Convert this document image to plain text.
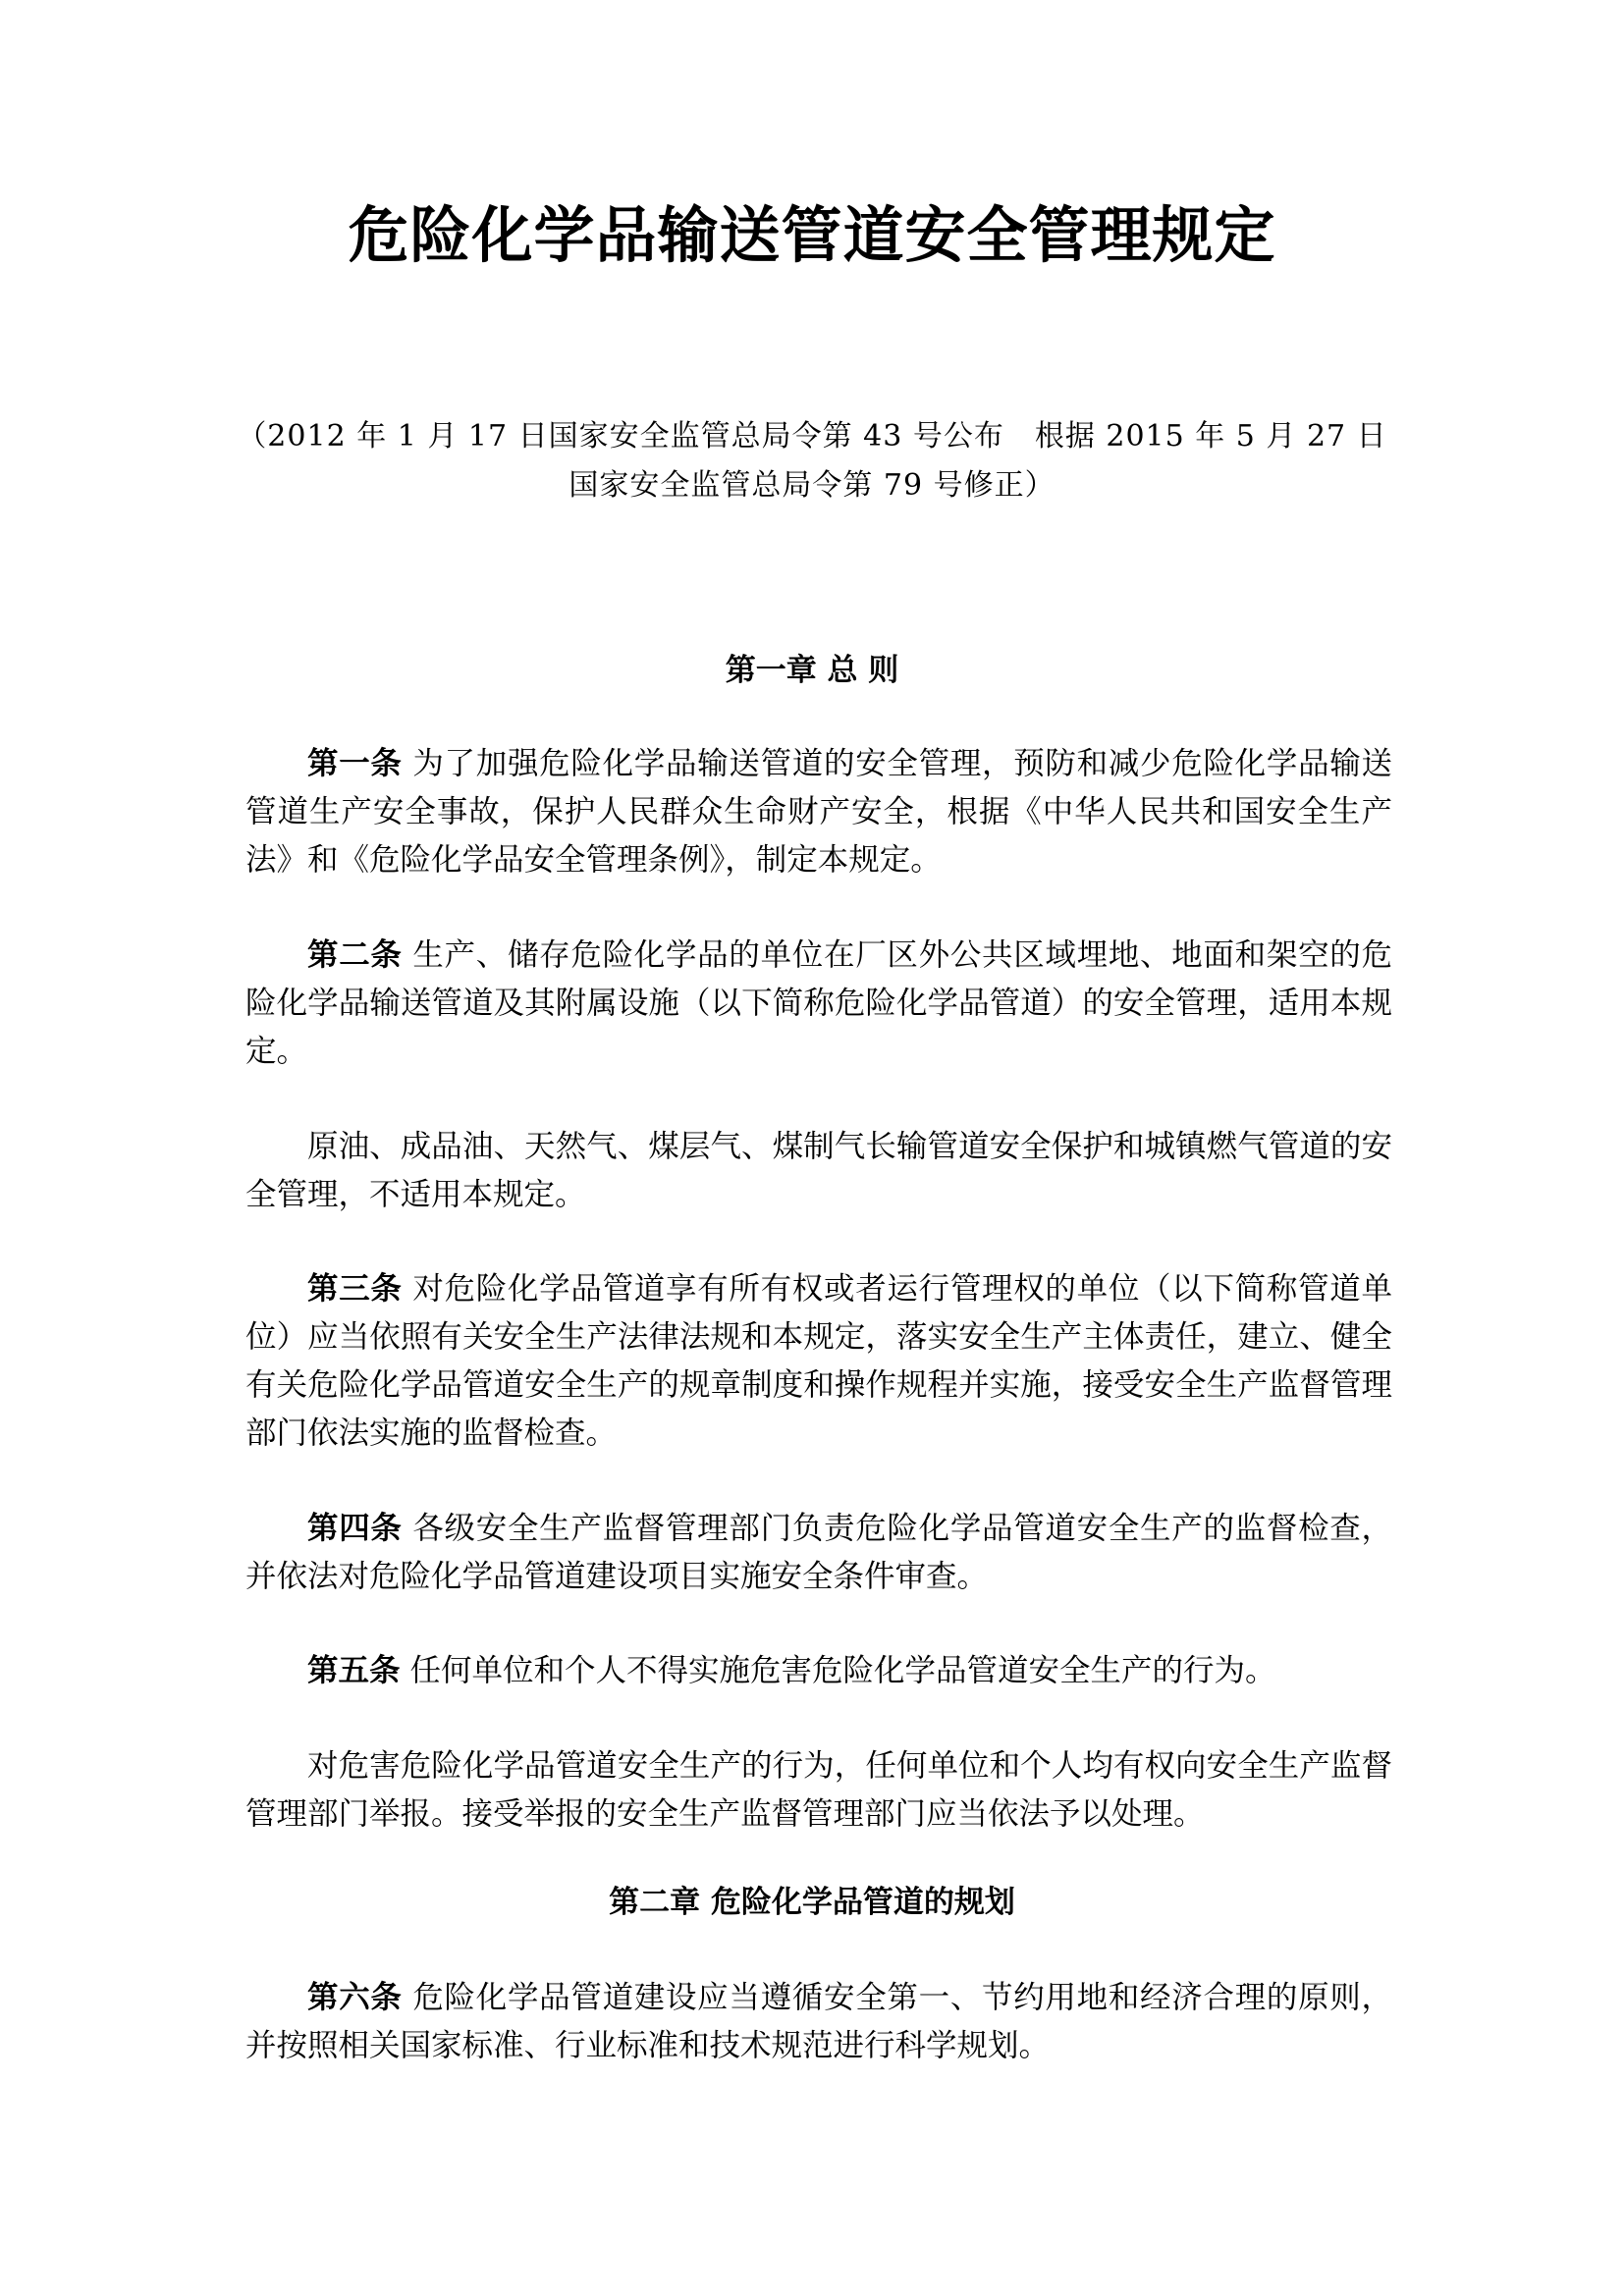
危险化学品输送管道安全管理规定

（2012 年 1 月 17 日国家安全监管总局令第 43 号公布　根据 2015 年 5 月 27 日
国家安全监管总局令第 79 号修正）

第一章 总 则

第一条 为了加强危险化学品输送管道的安全管理，预防和减少危险化学品输送管道生产安全事故，保护人民群众生命财产安全，根据《中华人民共和国安全生产法》和《危险化学品安全管理条例》，制定本规定。

第二条 生产、储存危险化学品的单位在厂区外公共区域埋地、地面和架空的危险化学品输送管道及其附属设施（以下简称危险化学品管道）的安全管理，适用本规定。

原油、成品油、天然气、煤层气、煤制气长输管道安全保护和城镇燃气管道的安全管理，不适用本规定。

第三条 对危险化学品管道享有所有权或者运行管理权的单位（以下简称管道单位）应当依照有关安全生产法律法规和本规定，落实安全生产主体责任，建立、健全有关危险化学品管道安全生产的规章制度和操作规程并实施，接受安全生产监督管理部门依法实施的监督检查。

第四条 各级安全生产监督管理部门负责危险化学品管道安全生产的监督检查，并依法对危险化学品管道建设项目实施安全条件审查。

第五条 任何单位和个人不得实施危害危险化学品管道安全生产的行为。

对危害危险化学品管道安全生产的行为，任何单位和个人均有权向安全生产监督管理部门举报。接受举报的安全生产监督管理部门应当依法予以处理。

第二章 危险化学品管道的规划

第六条 危险化学品管道建设应当遵循安全第一、节约用地和经济合理的原则，并按照相关国家标准、行业标准和技术规范进行科学规划。
